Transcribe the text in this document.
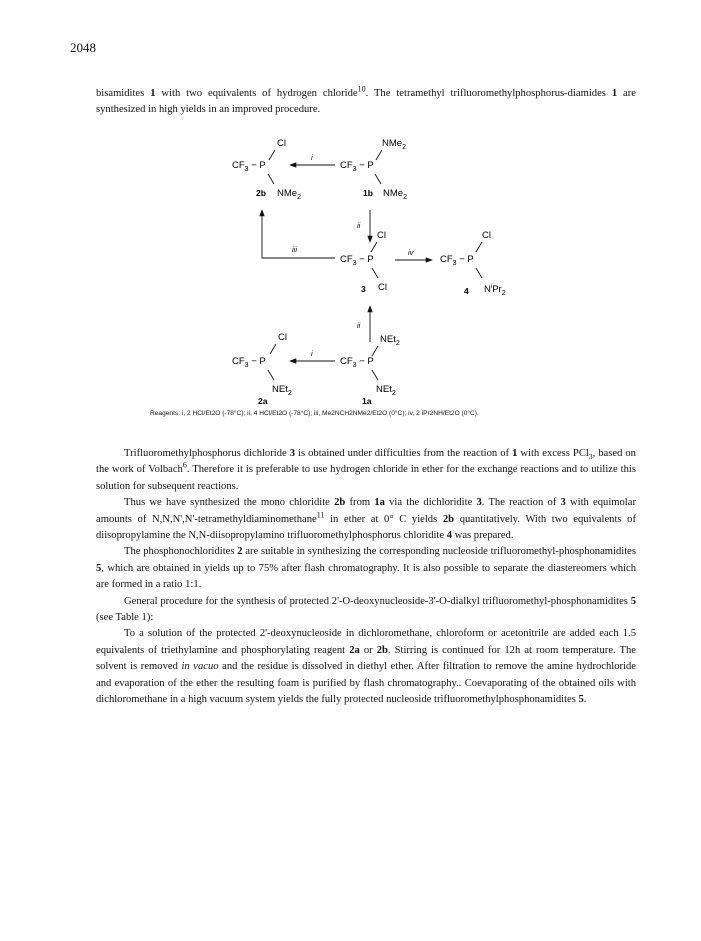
2048

bisamidites 1 with two equivalents of hydrogen chloride$^{10}$. The tetramethyl trifluoromethylphosphorus-diamides 1 are synthesized in high yields in an improved procedure.

Cl
$CF_3 - P$
NMe$_2$
2b
i
NMe$_2$
$CF_3 - P$
NMe$_2$
1b
ii
iii
Cl
$CF_3 - P$
Cl
3
iv
Cl
$CF_3 - P$
$N^iPr_2$
4
ii
Cl
$CF_3 - P$
NEt$_2$
2a
i
NEt$_2$
$CF_3 - P$
NEt$_2$
1a
Reagents: i, 2 HCl/Et2O (-78°C); ii, 4 HCl/Et2O (-78°C); iii, Me2NCH2NMe2/Et2O (0°C); iv, 2 iPr2NH/Et2O (0°C).

Trifluoromethylphosphorus dichloride 3 is obtained under difficulties from the reaction of 1 with excess PCl$_3$, based on the work of Volbach$^6$. Therefore it is preferable to use hydrogen chloride in ether for the exchange reactions and to utilize this solution for subsequent reactions.

Thus we have synthesized the mono chloridite 2b from 1a via the dichloridite 3. The reaction of 3 with equimolar amounts of N,N,N',N'-tetramethyldiaminomethane$^{11}$ in ether at 0° C yields 2b quantitatively. With two equivalents of diisopropylamine the N,N-diisopropylamino trifluoromethylphosphorus chloridite 4 was prepared.

The phosphonochloridites 2 are suitable in synthesizing the corresponding nucleoside trifluoromethyl-phosphonamidites 5, which are obtained in yields up to 75% after flash chromatography. It is also possible to separate the diastereomers which are formed in a ratio 1:1.

General procedure for the synthesis of protected 2'-O-deoxynucleoside-3'-O-dialkyl trifluoromethyl-phosphonamidites 5 (see Table 1):

To a solution of the protected 2'-deoxynucleoside in dichloromethane, chloroform or acetonitrile are added each 1.5 equivalents of triethylamine and phosphorylating reagent 2a or 2b. Stirring is continued for 12h at room temperature. The solvent is removed in vacuo and the residue is dissolved in diethyl ether. After filtration to remove the amine hydrochloride and evaporation of the ether the resulting foam is purified by flash chromatography.. Coevaporating of the obtained oils with dichloromethane in a high vacuum system yields the fully protected nucleoside trifluoromethylphosphonamidites 5.
